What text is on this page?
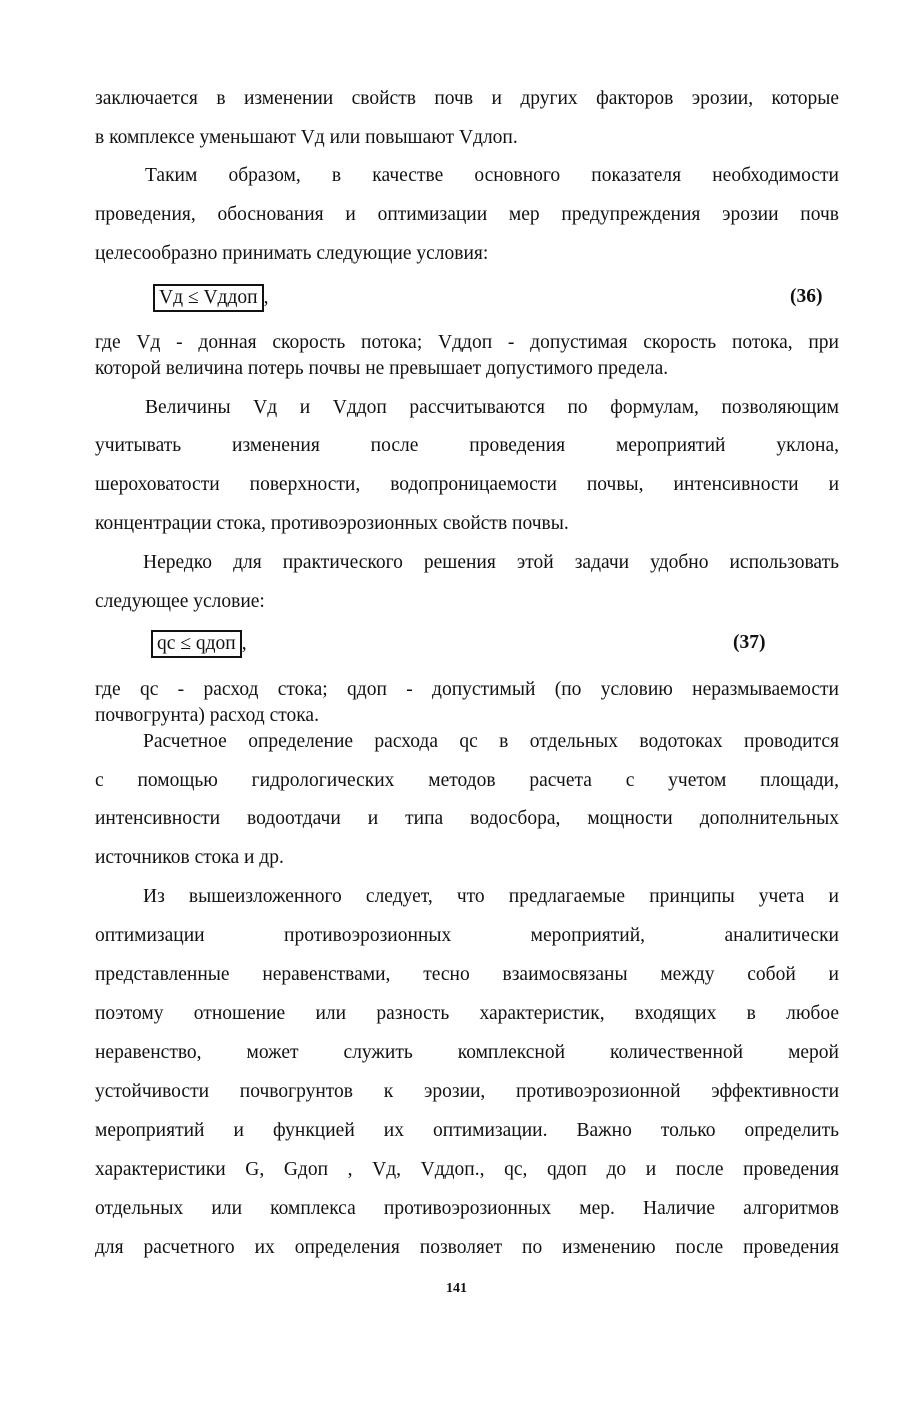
заключается в изменении свойств почв и других факторов эрозии, которые
в комплексе уменьшают Vд или повышают Vдлоп.
Таким образом, в качестве основного показателя необходимости
проведения, обоснования и оптимизации мер предупреждения эрозии почв
целесообразно принимать следующие условия:
Vд ≤ Vддоп ,	(36)
где Vд - донная скорость потока; Vддоп - допустимая скорость потока, при
которой величина потерь почвы не превышает допустимого предела.
Величины Vд и Vддоп рассчитываются по формулам, позволяющим
учитывать изменения после проведения мероприятий уклона,
шероховатости поверхности, водопроницаемости почвы, интенсивности и
концентрации стока, противоэрозионных свойств почвы.
Нередко для практического решения этой задачи удобно использовать
следующее условие:
qс ≤ qдоп ,	(37)
где qс - расход стока; qдоп - допустимый (по условию неразмываемости
почвогрунта) расход стока.
Расчетное определение расхода qс в отдельных водотоках проводится
с помощью гидрологических методов расчета с учетом площади,
интенсивности водоотдачи и типа водосбора, мощности дополнительных
источников стока и др.
Из вышеизложенного следует, что предлагаемые принципы учета и
оптимизации противоэрозионных мероприятий, аналитически
представленные неравенствами, тесно взаимосвязаны между собой и
поэтому отношение или разность характеристик, входящих в любое
неравенство, может служить комплексной количественной мерой
устойчивости почвогрунтов к эрозии, противоэрозионной эффективности
мероприятий и функцией их оптимизации. Важно только определить
характеристики G, Gдоп , Vд, Vддоп., qс, qдоп до и после проведения
отдельных или комплекса противоэрозионных мер. Наличие алгоритмов
для расчетного их определения позволяет по изменению после проведения
141
